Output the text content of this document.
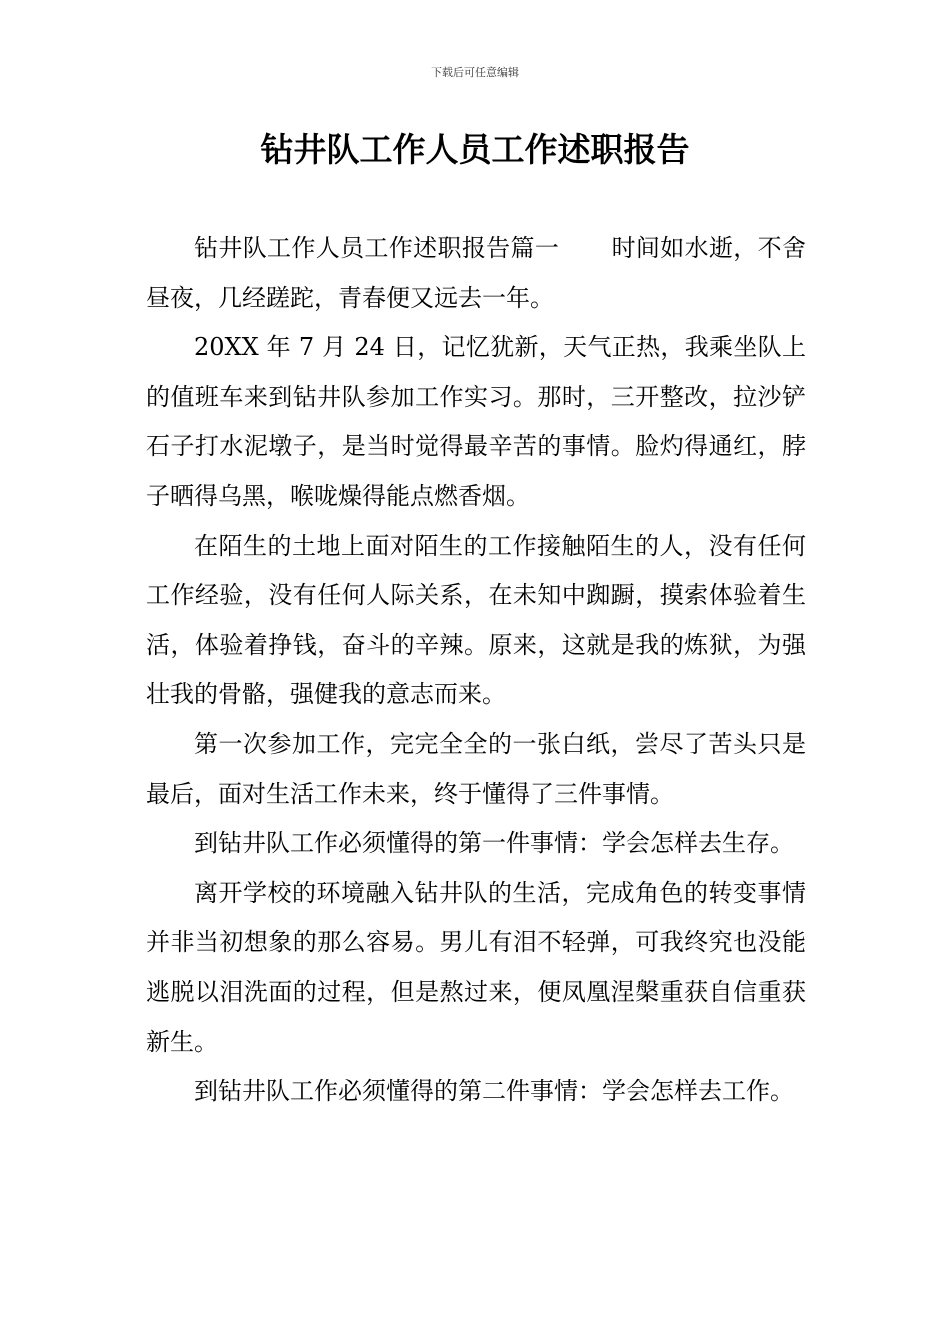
下载后可任意编辑
钻井队工作人员工作述职报告

钻井队工作人员工作述职报告篇一 时间如水逝，不舍昼夜，几经蹉跎，青春便又远去一年。

20XX 年 7 月 24 日，记忆犹新，天气正热，我乘坐队上的值班车来到钻井队参加工作实习。那时，三开整改，拉沙铲石子打水泥墩子，是当时觉得最辛苦的事情。脸灼得通红，脖子晒得乌黑，喉咙燥得能点燃香烟。

在陌生的土地上面对陌生的工作接触陌生的人，没有任何工作经验，没有任何人际关系，在未知中踟蹰，摸索体验着生活，体验着挣钱，奋斗的辛辣。原来，这就是我的炼狱，为强壮我的骨骼，强健我的意志而来。

第一次参加工作，完完全全的一张白纸，尝尽了苦头只是最后，面对生活工作未来，终于懂得了三件事情。

到钻井队工作必须懂得的第一件事情：学会怎样去生存。

离开学校的环境融入钻井队的生活，完成角色的转变事情并非当初想象的那么容易。男儿有泪不轻弹，可我终究也没能逃脱以泪洗面的过程，但是熬过来，便凤凰涅槃重获自信重获新生。

到钻井队工作必须懂得的第二件事情：学会怎样去工作。
